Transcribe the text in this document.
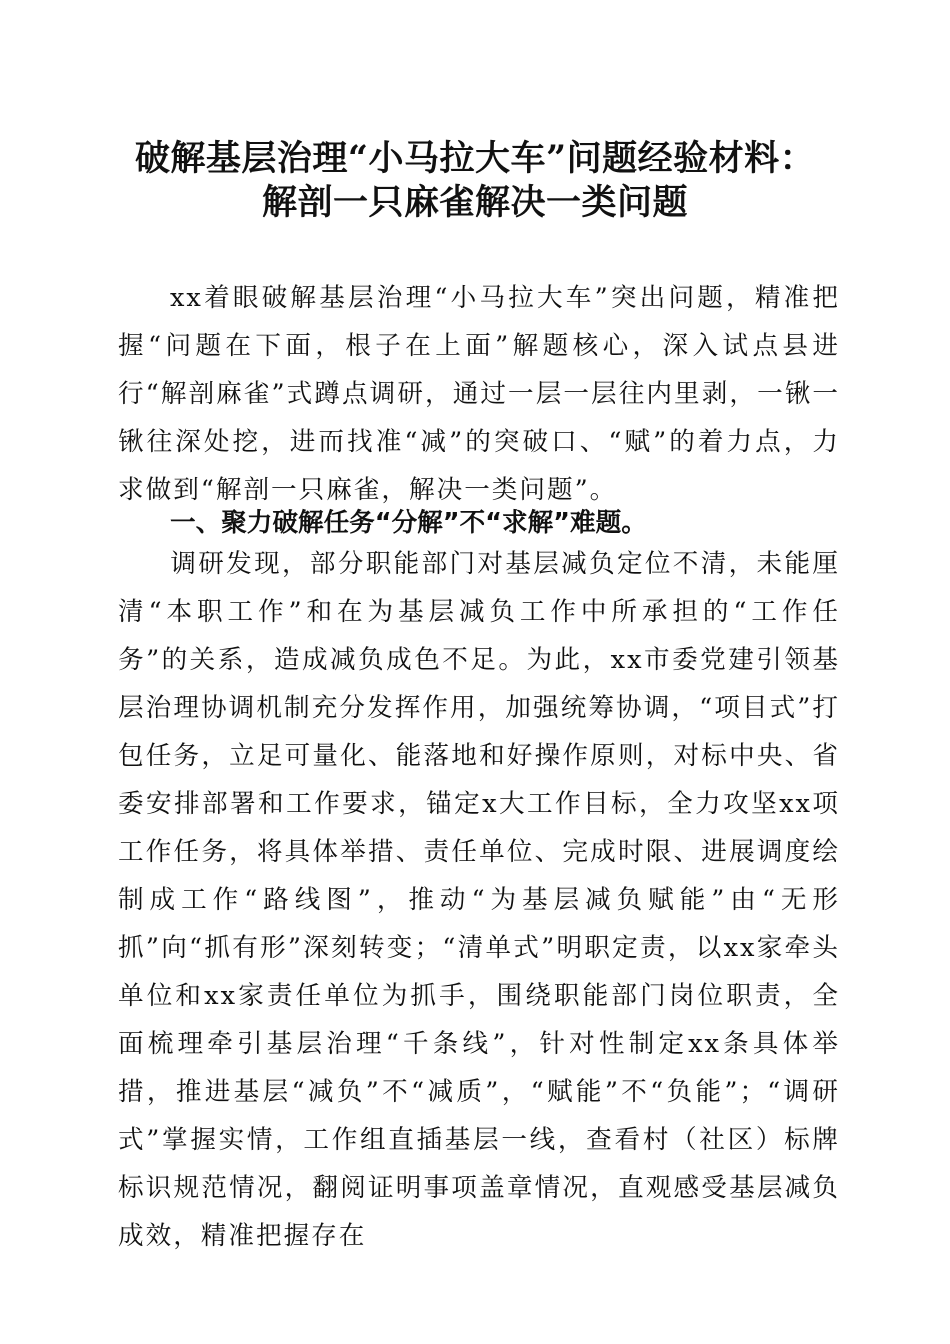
破解基层治理“小马拉大车”问题经验材料：
解剖一只麻雀解决一类问题
xx着眼破解基层治理“小马拉大车”突出问题，精准把握“问题在下面，根子在上面”解题核心，深入试点县进行“解剖麻雀”式蹲点调研，通过一层一层往内里剥，一锹一锹往深处挖，进而找准“减”的突破口、“赋”的着力点，力求做到“解剖一只麻雀，解决一类问题”。
一、聚力破解任务“分解”不“求解”难题。
调研发现，部分职能部门对基层减负定位不清，未能厘清“本职工作”和在为基层减负工作中所承担的“工作任务”的关系，造成减负成色不足。为此，xx市委党建引领基层治理协调机制充分发挥作用，加强统筹协调，“项目式”打包任务，立足可量化、能落地和好操作原则，对标中央、省委安排部署和工作要求，锚定x大工作目标，全力攻坚xx项工作任务，将具体举措、责任单位、完成时限、进展调度绘制成工作“路线图”，推动“为基层减负赋能”由“无形抓”向“抓有形”深刻转变；“清单式”明职定责，以xx家牵头单位和xx家责任单位为抓手，围绕职能部门岗位职责，全面梳理牵引基层治理“千条线”，针对性制定xx条具体举措，推进基层“减负”不“减质”，“赋能”不“负能”；“调研式”掌握实情，工作组直插基层一线，查看村（社区）标牌标识规范情况，翻阅证明事项盖章情况，直观感受基层减负成效，精准把握存在
